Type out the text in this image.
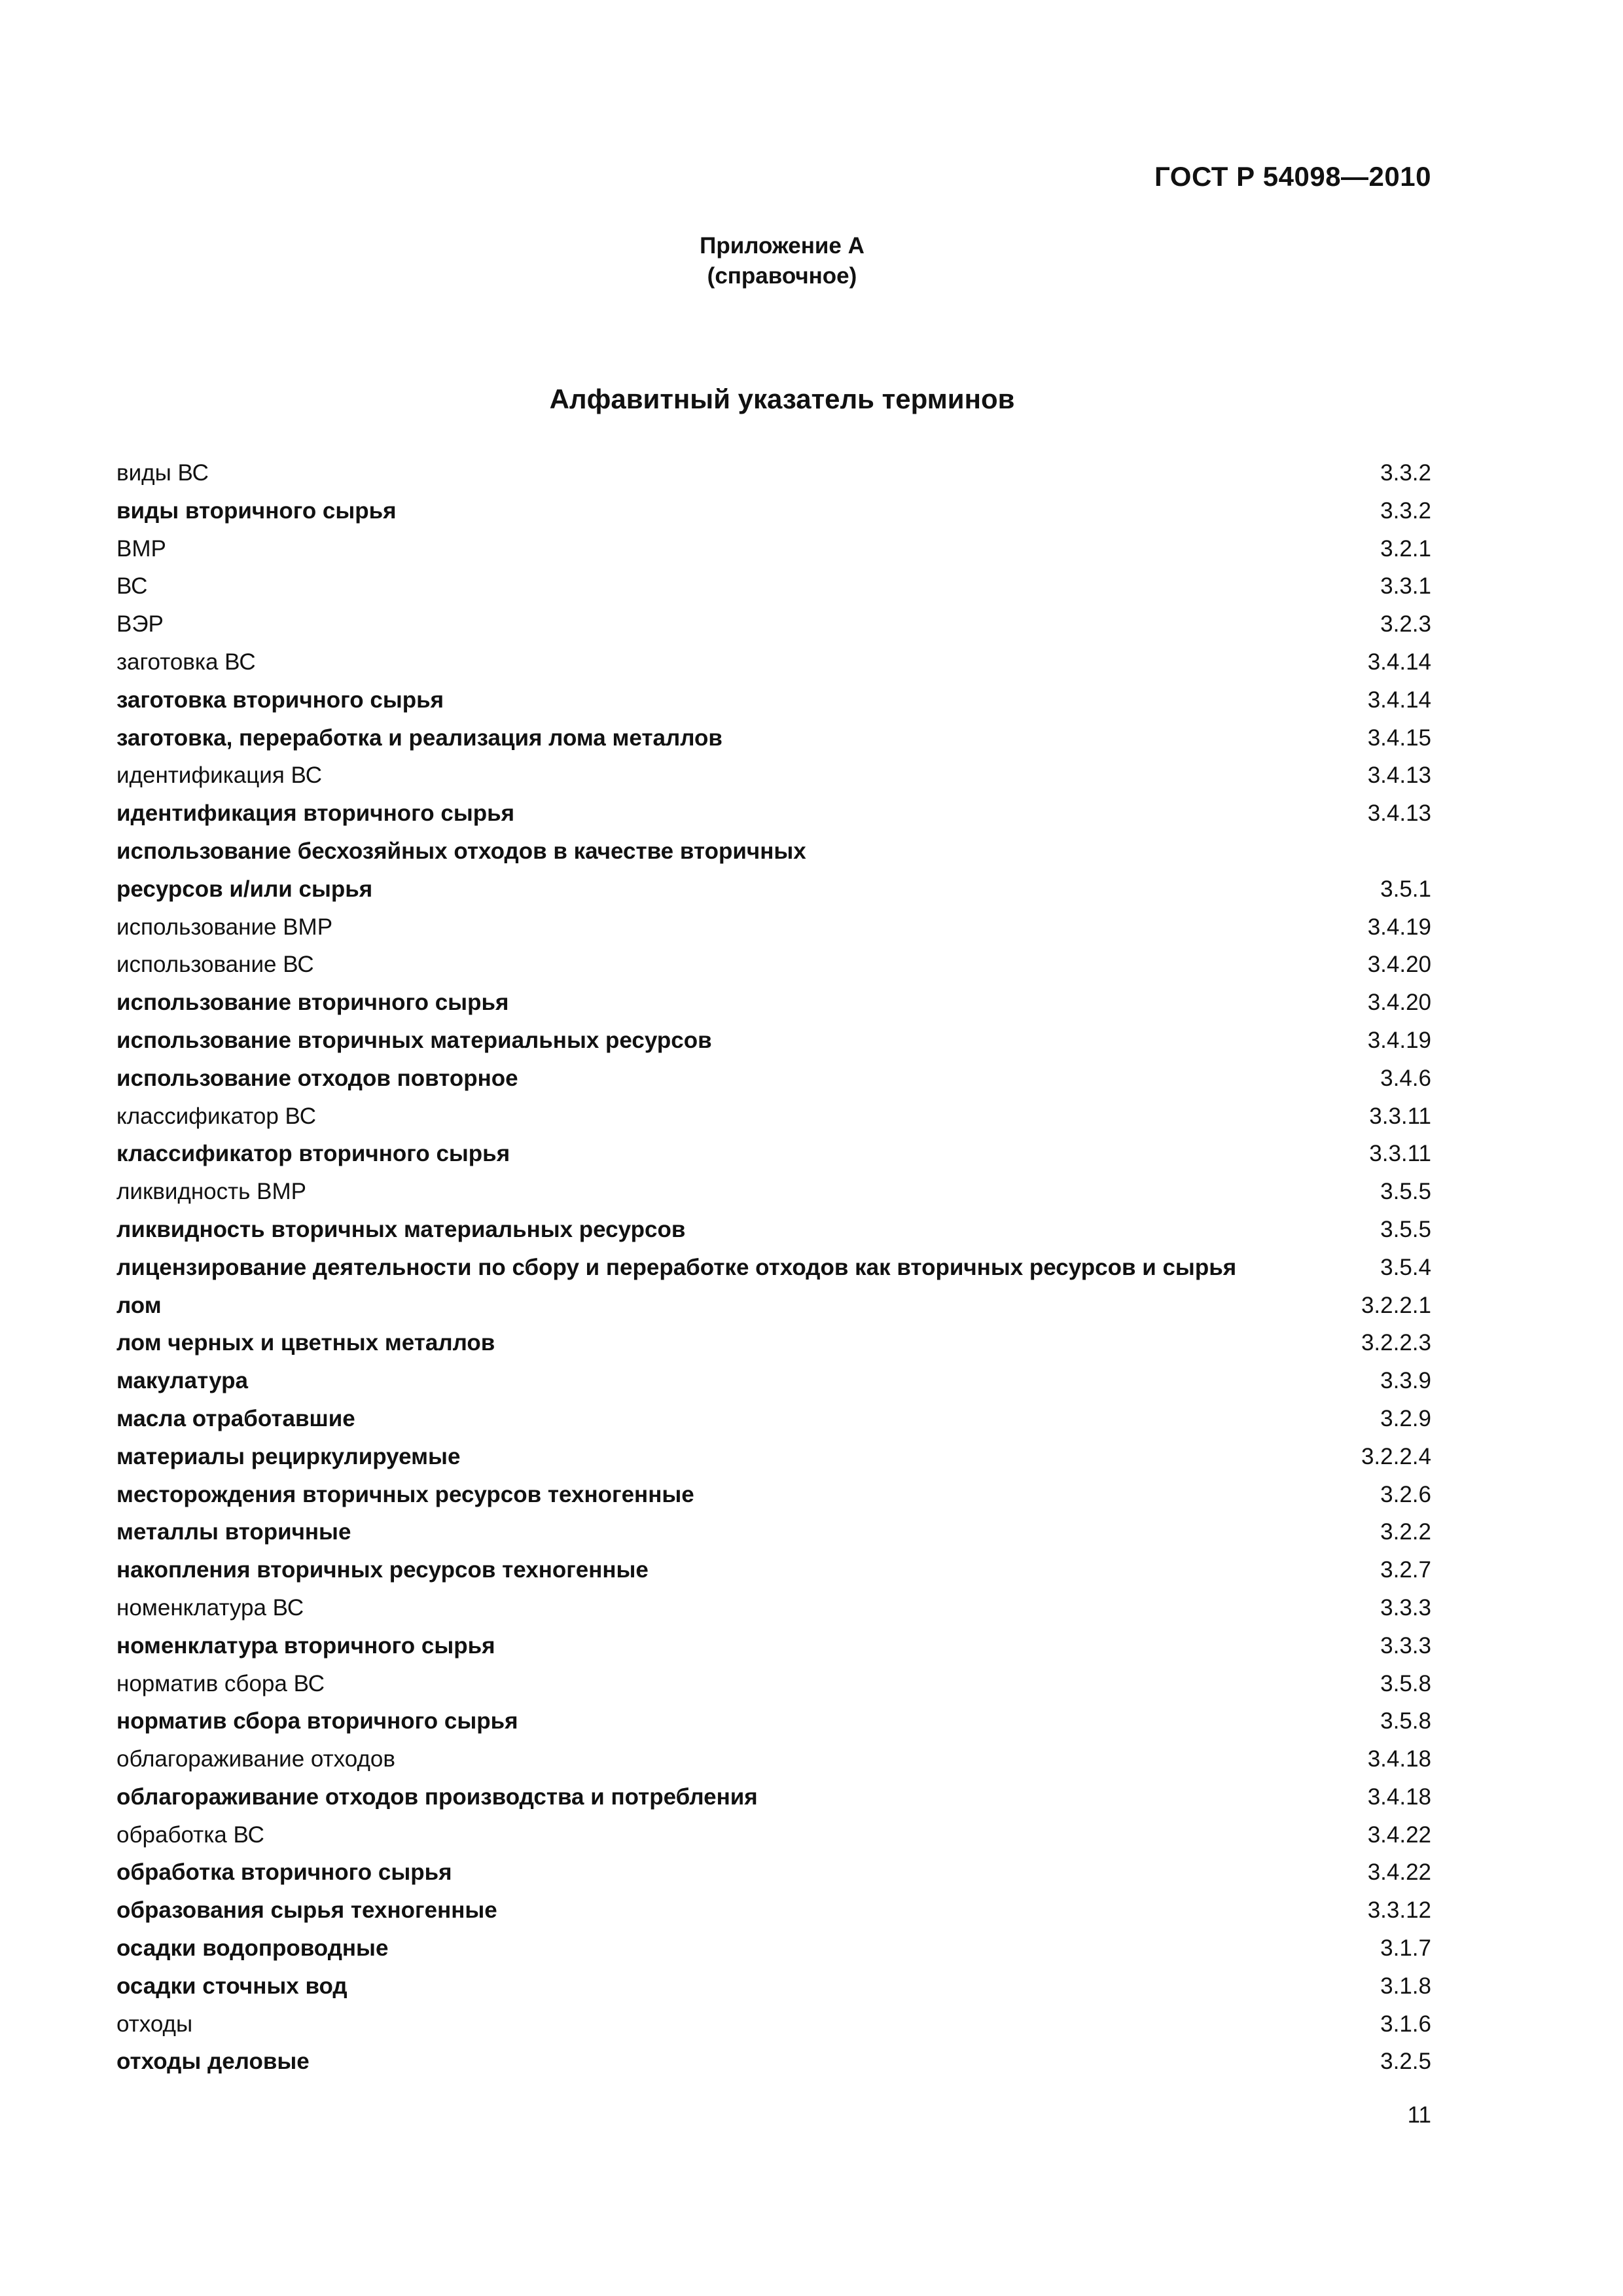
ГОСТ Р 54098—2010
Приложение А
(справочное)
Алфавитный указатель терминов
виды ВС	3.3.2
виды вторичного сырья	3.3.2
ВМР	3.2.1
ВС	3.3.1
ВЭР	3.2.3
заготовка ВС	3.4.14
заготовка вторичного сырья	3.4.14
заготовка, переработка и реализация лома металлов	3.4.15
идентификация ВС	3.4.13
идентификация вторичного сырья	3.4.13
использование бесхозяйных отходов в качестве вторичных
ресурсов и/или сырья	3.5.1
использование ВМР	3.4.19
использование ВС	3.4.20
использование вторичного сырья	3.4.20
использование вторичных материальных ресурсов	3.4.19
использование отходов повторное	3.4.6
классификатор ВС	3.3.11
классификатор вторичного сырья	3.3.11
ликвидность ВМР	3.5.5
ликвидность вторичных материальных ресурсов	3.5.5
лицензирование деятельности по сбору и переработке отходов как вторичных ресурсов и сырья	3.5.4
лом	3.2.2.1
лом черных и цветных металлов	3.2.2.3
макулатура	3.3.9
масла отработавшие	3.2.9
материалы рециркулируемые	3.2.2.4
месторождения вторичных ресурсов техногенные	3.2.6
металлы вторичные	3.2.2
накопления вторичных ресурсов техногенные	3.2.7
номенклатура ВС	3.3.3
номенклатура вторичного сырья	3.3.3
норматив сбора ВС	3.5.8
норматив сбора вторичного сырья	3.5.8
облагораживание отходов	3.4.18
облагораживание отходов производства и потребления	3.4.18
обработка ВС	3.4.22
обработка вторичного сырья	3.4.22
образования сырья техногенные	3.3.12
осадки водопроводные	3.1.7
осадки сточных вод	3.1.8
отходы	3.1.6
отходы деловые	3.2.5
11
